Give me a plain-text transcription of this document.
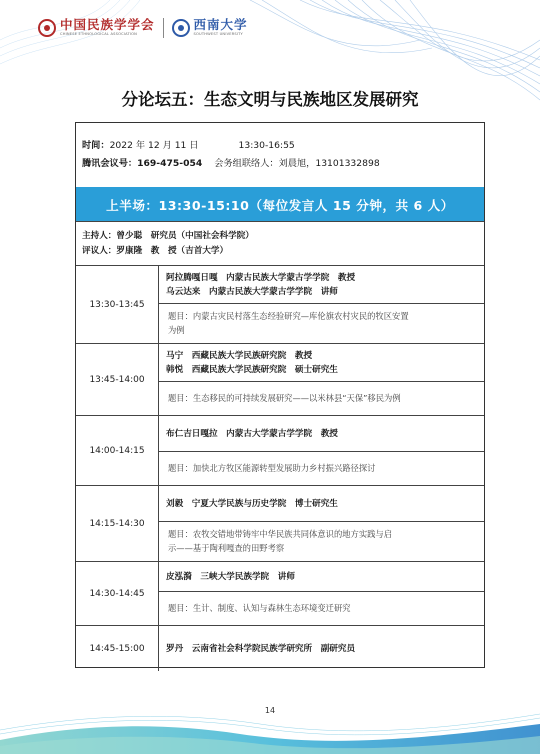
中国民族学学会
CHINESE ETHNOLOGICAL ASSOCIATION
西南大学
SOUTHWEST UNIVERSITY
分论坛五：生态文明与民族地区发展研究
时间：2022 年 12 月 11 日	13:30-16:55
腾讯会议号：169-475-054 会务组联络人：刘晨旭，13101332898
上半场：13:30-15:10（每位发言人 15 分钟，共 6 人）
主持人：曾少聪　研究员（中国社会科学院）
评议人：罗康隆　教　授（吉首大学）
13:30-13:45
阿拉腾嘎日嘎　内蒙古民族大学蒙古学学院　教授
乌云达来　内蒙古民族大学蒙古学学院　讲师
题目：内蒙古灾民村落生态经验研究—库伦旗农村灾民的牧区安置
为例
13:45-14:00
马宁　西藏民族大学民族研究院　教授
韩悦　西藏民族大学民族研究院　硕士研究生
题目：生态移民的可持续发展研究——以米林县“天保”移民为例
14:00-14:15
布仁吉日嘎拉　内蒙古大学蒙古学学院　教授
题目：加快北方牧区能源转型发展助力乡村振兴路径探讨
14:15-14:30
刘毅　宁夏大学民族与历史学院　博士研究生
题目：农牧交错地带铸牢中华民族共同体意识的地方实践与启
示——基于陶利嘎查的田野考察
14:30-14:45
皮泓漪　三峡大学民族学院　讲师
题目：生计、制度、认知与森林生态环境变迁研究
14:45-15:00	罗丹　云南省社会科学院民族学研究所　副研究员
14
